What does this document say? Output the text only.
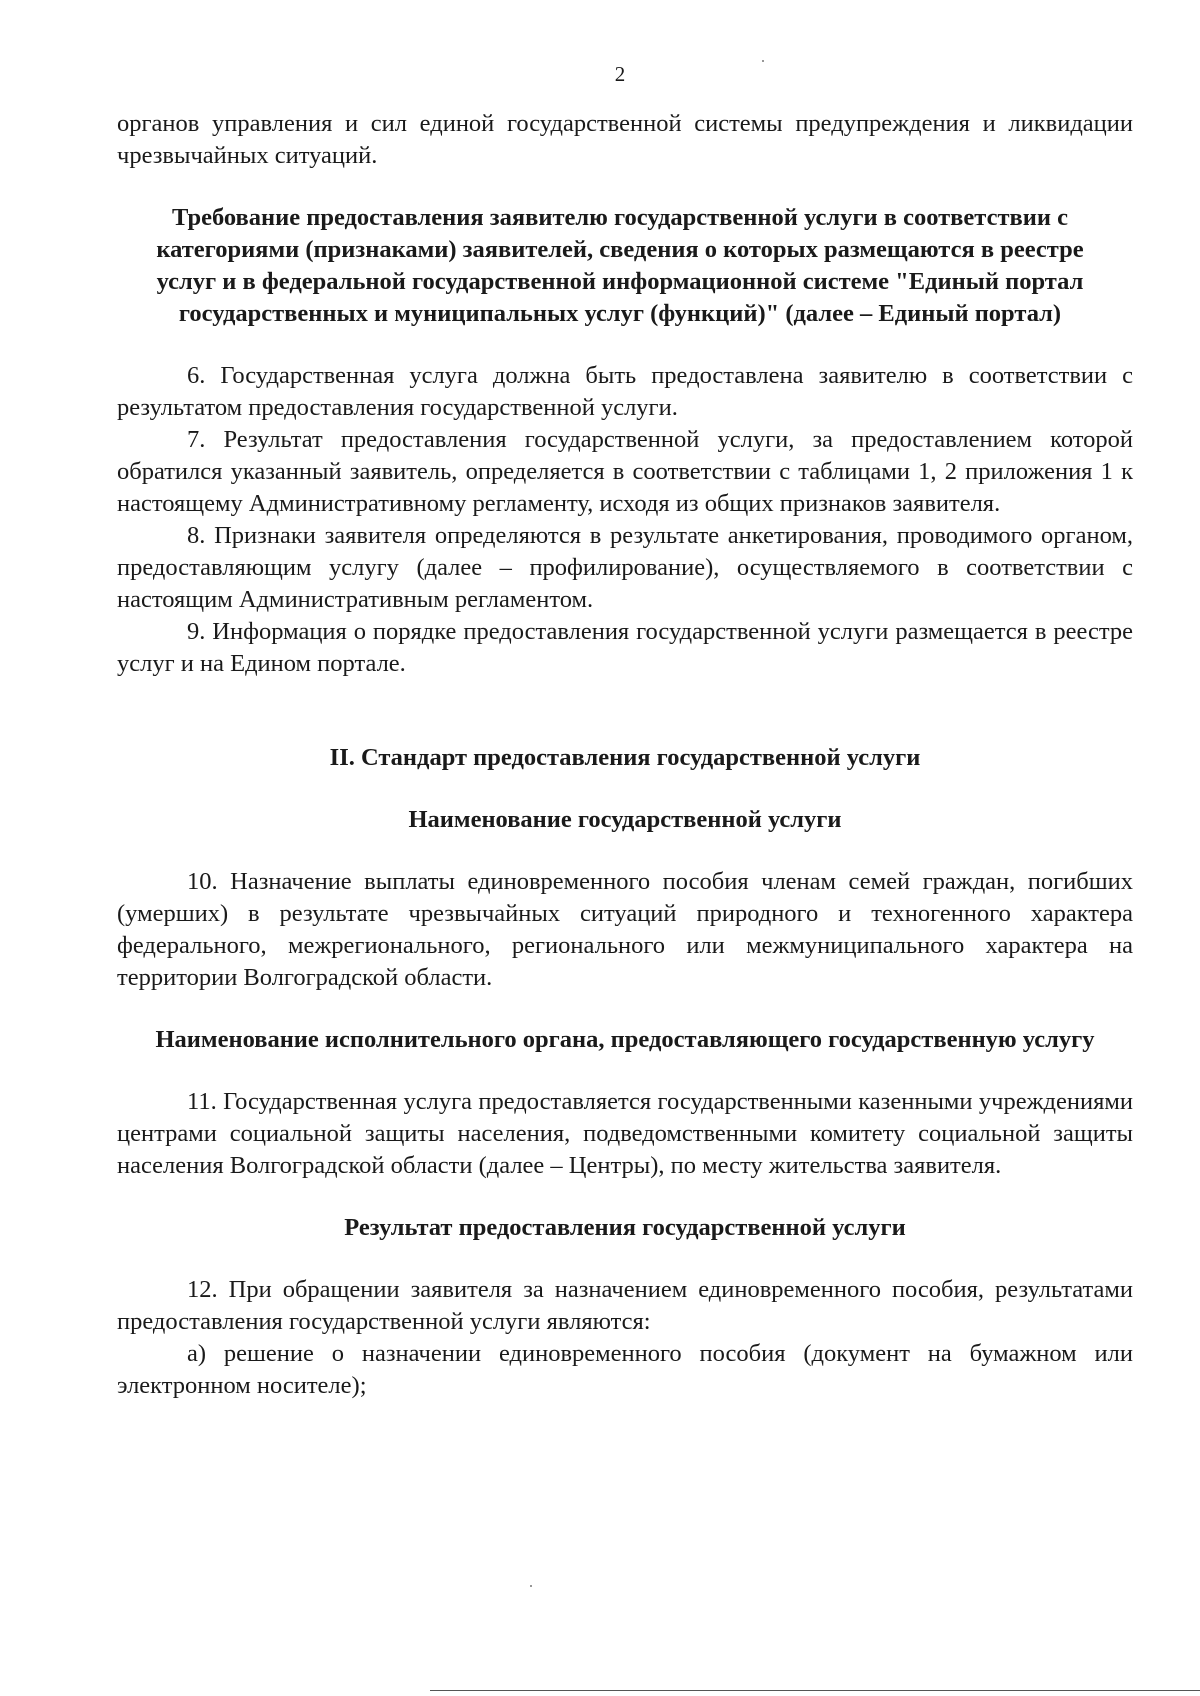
2

органов управления и сил единой государственной системы предупреждения и ликвидации чрезвычайных ситуаций.

Требование предоставления заявителю государственной услуги в соответствии с категориями (признаками) заявителей, сведения о которых размещаются в реестре услуг и в федеральной государственной информационной системе "Единый портал государственных и муниципальных услуг (функций)" (далее – Единый портал)

6. Государственная услуга должна быть предоставлена заявителю в соответствии с результатом предоставления государственной услуги.

7. Результат предоставления государственной услуги, за предоставлением которой обратился указанный заявитель, определяется в соответствии с таблицами 1, 2 приложения 1 к настоящему Административному регламенту, исходя из общих признаков заявителя.

8. Признаки заявителя определяются в результате анкетирования, проводимого органом, предоставляющим услугу (далее – профилирование), осуществляемого в соответствии с настоящим Административным регламентом.

9. Информация о порядке предоставления государственной услуги размещается в реестре услуг и на Едином портале.

II. Стандарт предоставления государственной услуги
Наименование государственной услуги

10. Назначение выплаты единовременного пособия членам семей граждан, погибших (умерших) в результате чрезвычайных ситуаций природного и техногенного характера федерального, межрегионального, регионального или межмуниципального характера на территории Волгоградской области.

Наименование исполнительного органа, предоставляющего государственную услугу

11. Государственная услуга предоставляется государственными казенными учреждениями центрами социальной защиты населения, подведомственными комитету социальной защиты населения Волгоградской области (далее – Центры), по месту жительства заявителя.

Результат предоставления государственной услуги

12. При обращении заявителя за назначением единовременного пособия, результатами предоставления государственной услуги являются:

а) решение о назначении единовременного пособия (документ на бумажном или электронном носителе);
